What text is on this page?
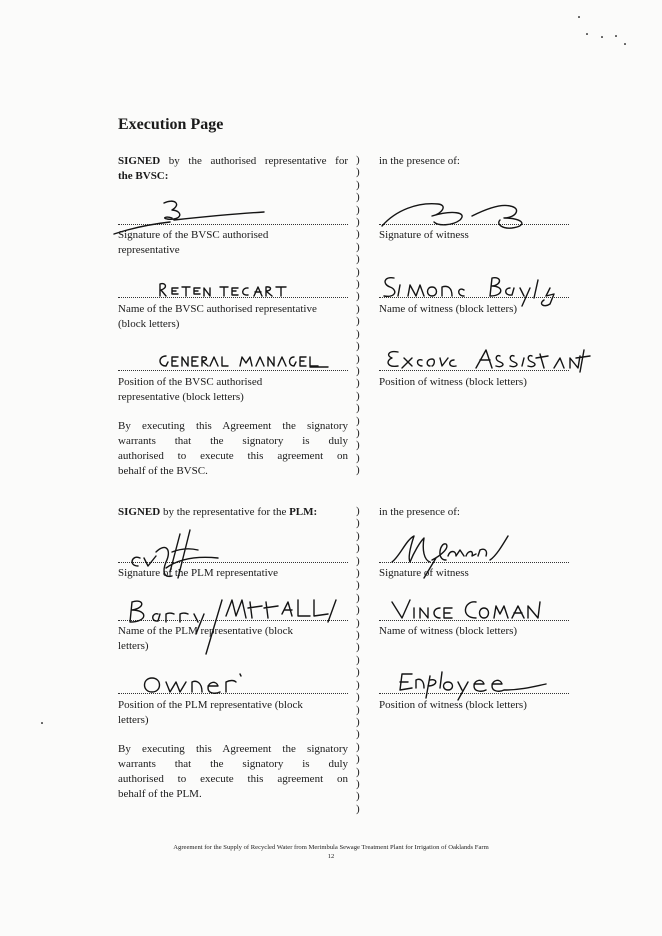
Execution Page
SIGNED by the authorised representative for
the BVSC:
in the presence of:
)
)
)
)
)
)
)
)
)
)
)
)
)
)
)
)
)
)
)
)
)
)
)
)
)
)
Signature of the BVSC authorised
representative
Signature of witness
Name of the BVSC authorised representative
(block letters)
Name of witness (block letters)
Position of the BVSC authorised
representative (block letters)
Position of witness (block letters)
By executing this Agreement the signatory
warrants that the signatory is duly
authorised to execute this agreement on
behalf of the BVSC.
SIGNED by the representative for the PLM:	in the presence of:
)
)
)
)
)
)
)
)
)
)
)
)
)
)
)
)
)
)
)
)
)
)
)
)
)
Signature of the PLM representative	Signature of witness
Name of the PLM representative (block
letters)
Name of witness (block letters)
Position of the PLM representative (block
letters)
Position of witness (block letters)
By executing this Agreement the signatory
warrants that the signatory is duly
authorised to execute this agreement on
behalf of the PLM.
Agreement for the Supply of Recycled Water from Merimbula Sewage Treatment Plant for Irrigation of Oaklands Farm
12
